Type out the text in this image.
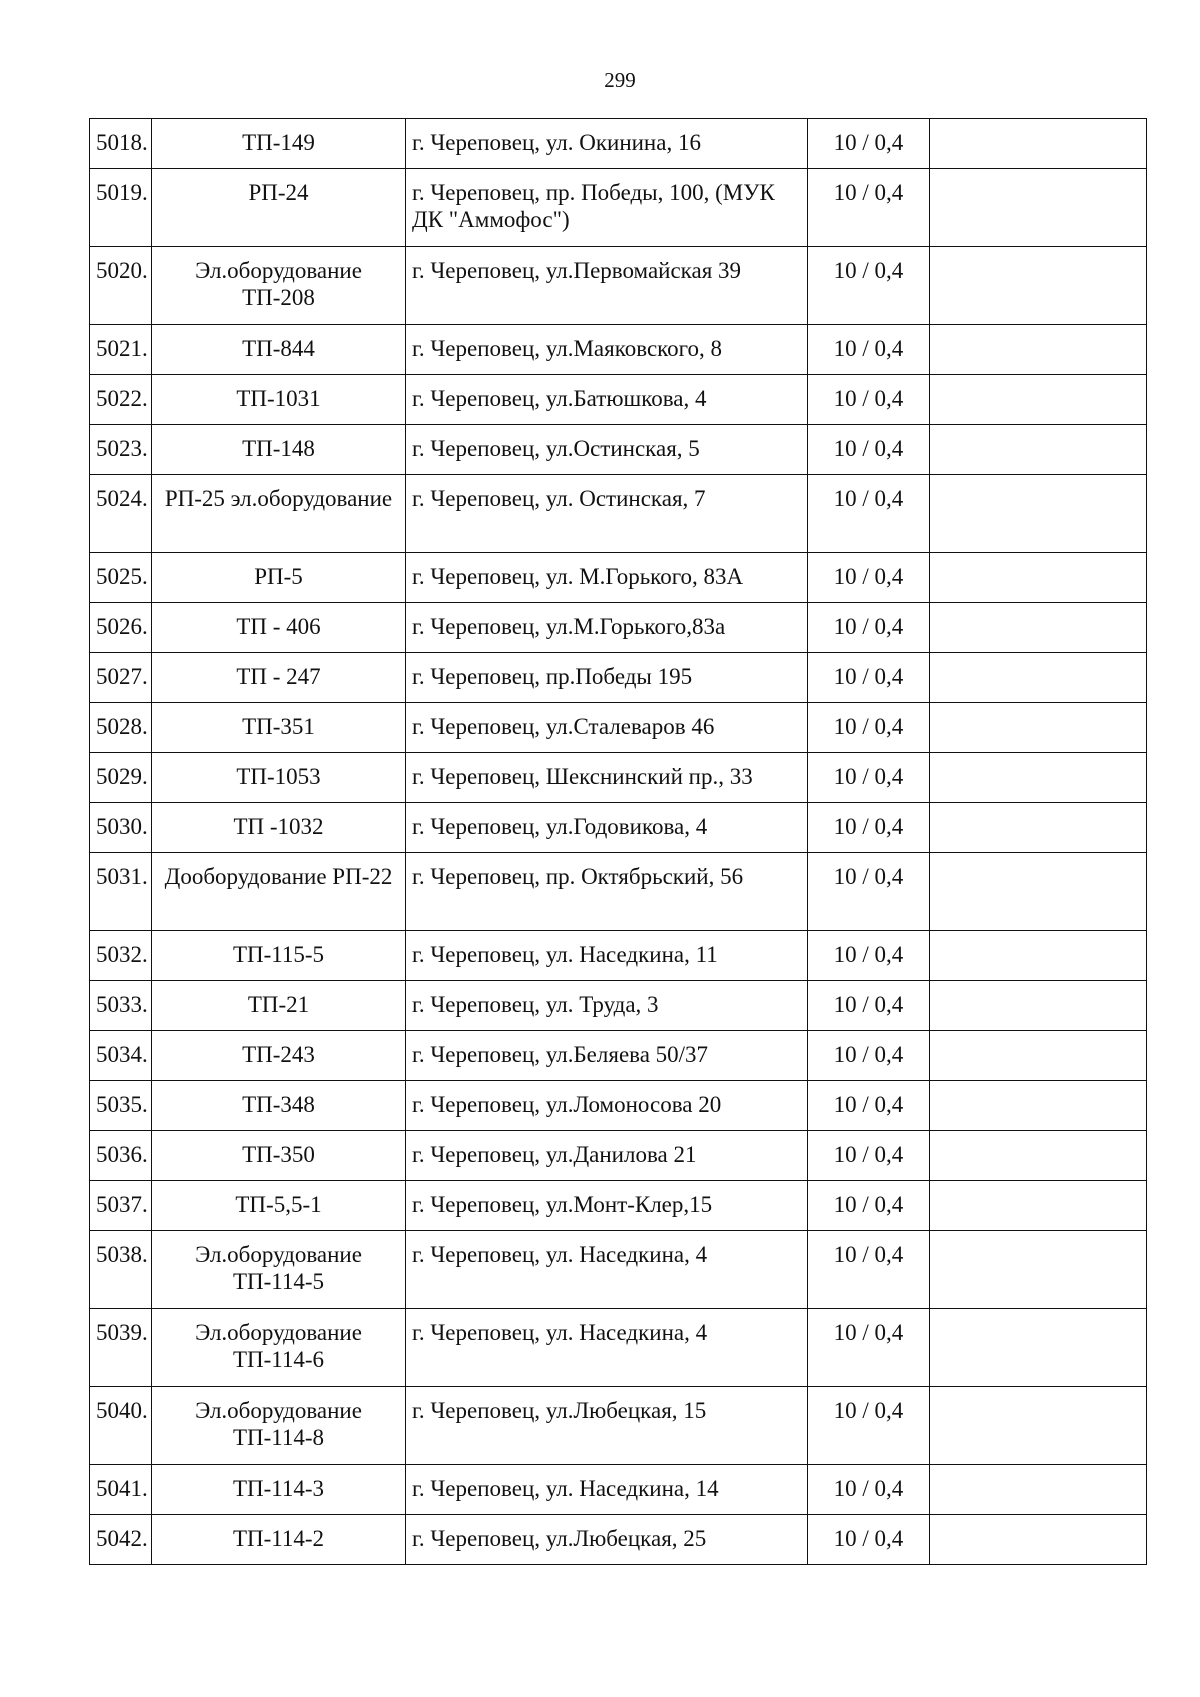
299
5018.	ТП-149	г. Череповец, ул. Окинина, 16	10 / 0,4	
5019.	РП-24	г. Череповец, пр. Победы, 100, (МУК ДК "Аммофос")	10 / 0,4	
5020.	Эл.оборудование ТП-208	г. Череповец, ул.Первомайская 39	10 / 0,4	
5021.	ТП-844	г. Череповец, ул.Маяковского, 8	10 / 0,4	
5022.	ТП-1031	г. Череповец, ул.Батюшкова, 4	10 / 0,4	
5023.	ТП-148	г. Череповец, ул.Остинская, 5	10 / 0,4	
5024.	РП-25 эл.оборудование	г. Череповец, ул. Остинская, 7	10 / 0,4	
5025.	РП-5	г. Череповец, ул. М.Горького, 83А	10 / 0,4	
5026.	ТП - 406	г. Череповец, ул.М.Горького,83а	10 / 0,4	
5027.	ТП - 247	г. Череповец, пр.Победы 195	10 / 0,4	
5028.	ТП-351	г. Череповец, ул.Сталеваров 46	10 / 0,4	
5029.	ТП-1053	г. Череповец, Шекснинский пр., 33	10 / 0,4	
5030.	ТП -1032	г. Череповец, ул.Годовикова, 4	10 / 0,4	
5031.	Дооборудование РП-22	г. Череповец, пр. Октябрьский, 56	10 / 0,4	
5032.	ТП-115-5	г. Череповец, ул. Наседкина, 11	10 / 0,4	
5033.	ТП-21	г. Череповец, ул. Труда, 3	10 / 0,4	
5034.	ТП-243	г. Череповец, ул.Беляева 50/37	10 / 0,4	
5035.	ТП-348	г. Череповец, ул.Ломоносова 20	10 / 0,4	
5036.	ТП-350	г. Череповец, ул.Данилова 21	10 / 0,4	
5037.	ТП-5,5-1	г. Череповец, ул.Монт-Клер,15	10 / 0,4	
5038.	Эл.оборудование ТП-114-5	г. Череповец, ул. Наседкина, 4	10 / 0,4	
5039.	Эл.оборудование ТП-114-6	г. Череповец, ул. Наседкина, 4	10 / 0,4	
5040.	Эл.оборудование ТП-114-8	г. Череповец, ул.Любецкая, 15	10 / 0,4	
5041.	ТП-114-3	г. Череповец, ул. Наседкина, 14	10 / 0,4	
5042.	ТП-114-2	г. Череповец, ул.Любецкая, 25	10 / 0,4	
